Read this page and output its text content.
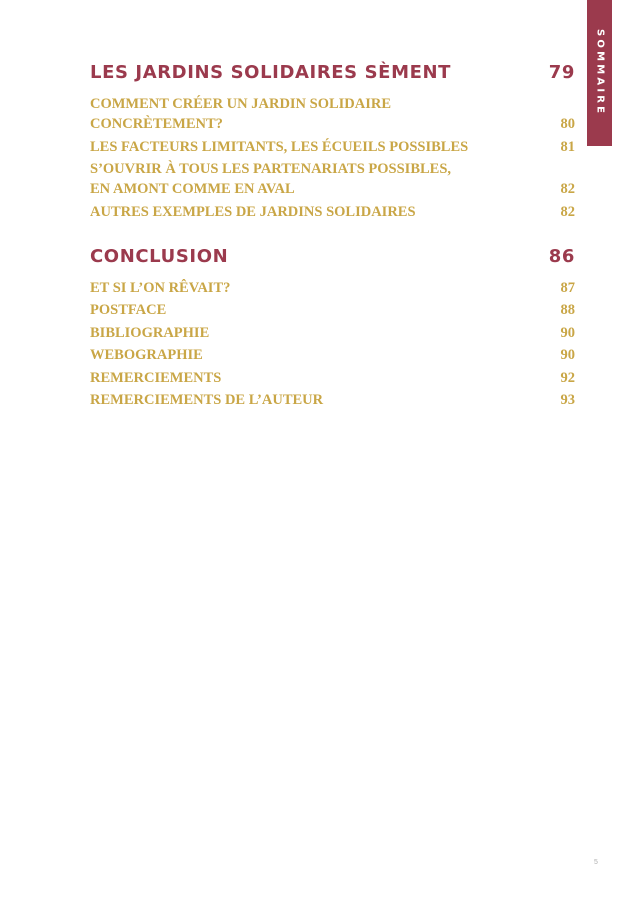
SOMMAIRE
LES JARDINS SOLIDAIRES SÈMENT	79
COMMENT CRÉER UN JARDIN SOLIDAIRE
CONCRÈTEMENT?	80
LES FACTEURS LIMITANTS, LES ÉCUEILS POSSIBLES	81
S’OUVRIR À TOUS LES PARTENARIATS POSSIBLES,
EN AMONT COMME EN AVAL	82
AUTRES EXEMPLES DE JARDINS SOLIDAIRES	82
CONCLUSION	86
ET SI L’ON RÊVAIT?	87
POSTFACE	88
BIBLIOGRAPHIE	90
WEBOGRAPHIE	90
REMERCIEMENTS	92
REMERCIEMENTS DE L’AUTEUR	93
5
